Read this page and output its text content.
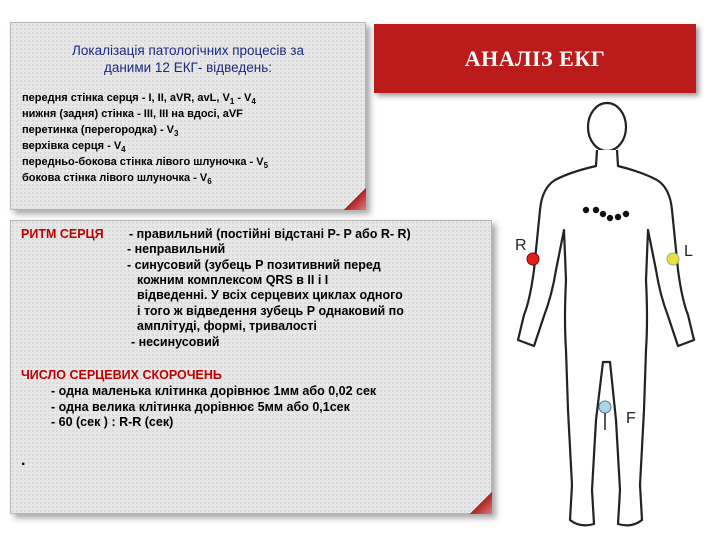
АНАЛІЗ ЕКГ
Локалізація патологічних процесів за
даними 12 ЕКГ- відведень:
передня стінка серця - І, ІІ, aVR, avL, $V_1 - V_4$
нижня (задня) стінка - ІІІ, ІІІ на вдосі, aVF
перетинка (перегородка) - $V_3$
верхівка серця - $V_4$
передньо-бокова стінка лівого шлуночка - $V_5$
бокова стінка лівого шлуночка - $V_6$
РИТМ СЕРЦЯ - правильний (постійні відстані P- P або R- R)
- неправильний
- синусовий (зубець Р позитивний перед
кожним комплексом QRS в ІІ і І
відведенні. У всіх серцевих циклах одного
і того ж відведення зубець Р однаковий по
амплітуді, формі, тривалості
- несинусовий
ЧИСЛО СЕРЦЕВИХ СКОРОЧЕНЬ
- одна маленька клітинка дорівнює 1мм або 0,02 сек
- одна велика клітинка дорівнює 5мм або 0,1сек
- 60 (сек ) : R-R (сек)
.
R	L
F
